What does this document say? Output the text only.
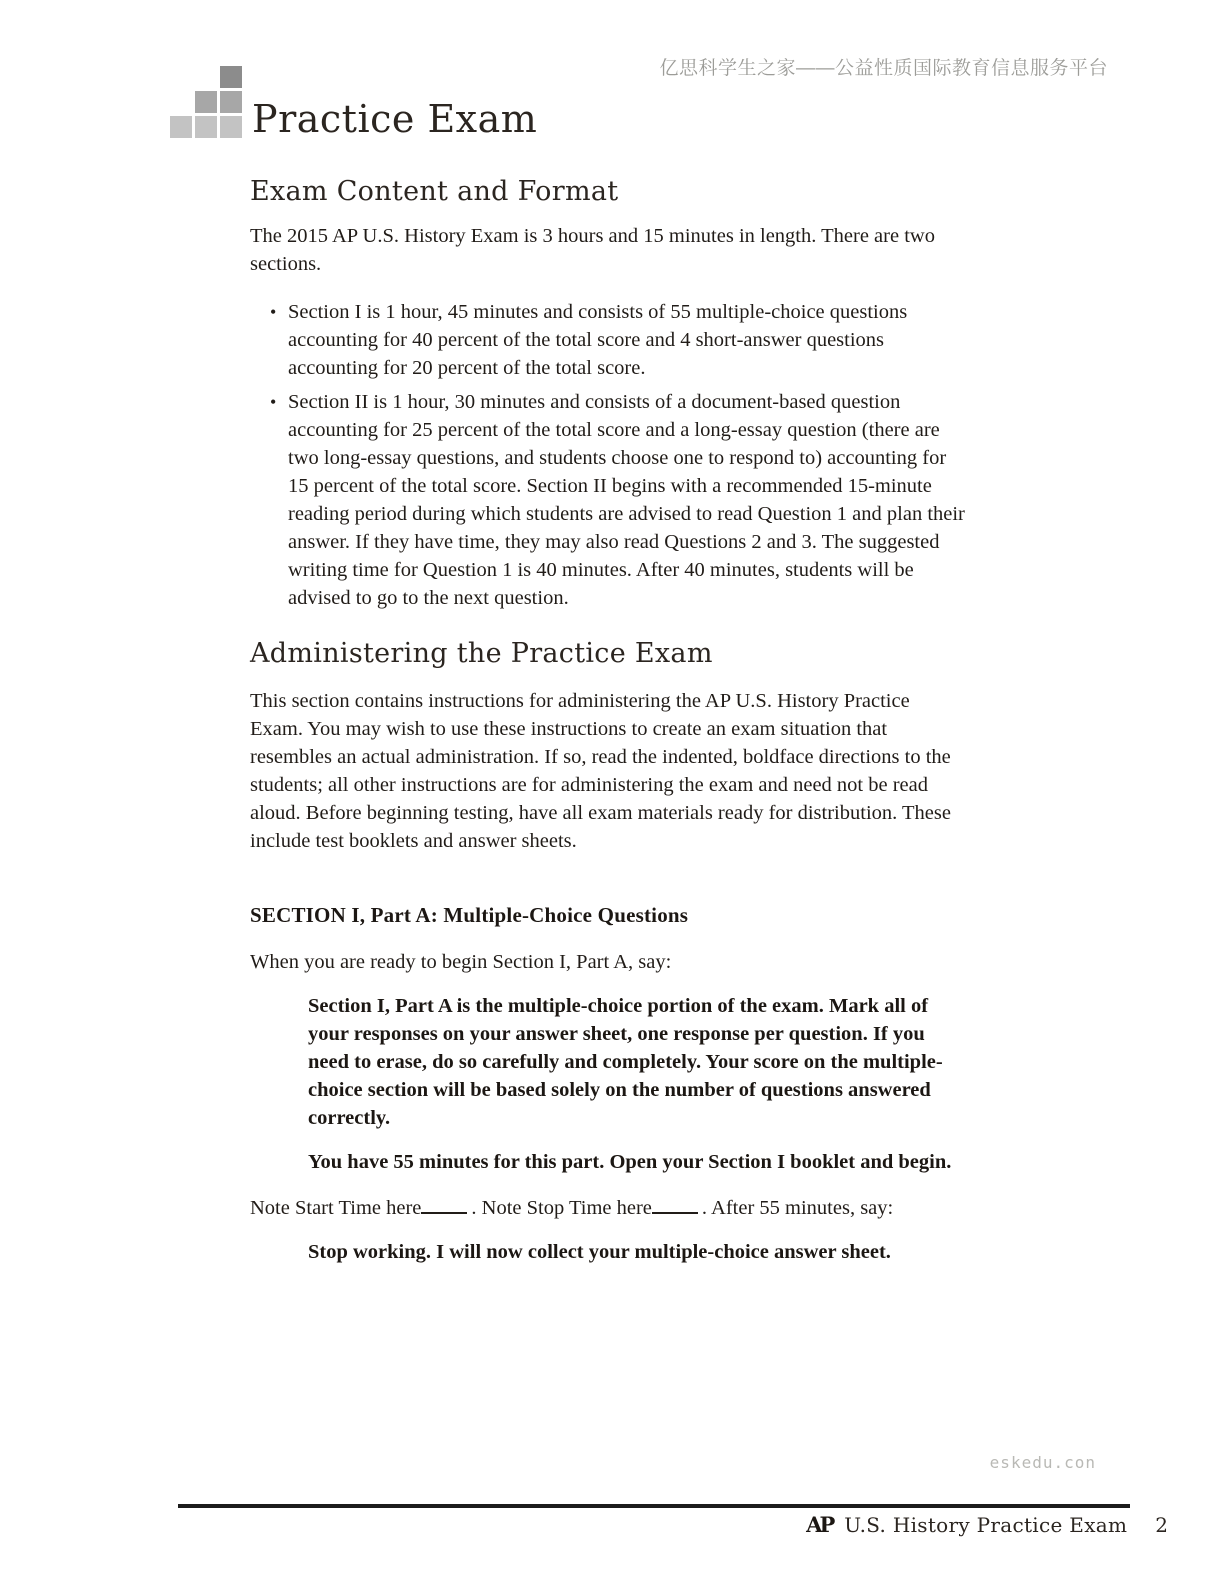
亿思科学生之家——公益性质国际教育信息服务平台
Practice Exam
Exam Content and Format

The 2015 AP U.S. History Exam is 3 hours and 15 minutes in length. There are two sections.

• Section I is 1 hour, 45 minutes and consists of 55 multiple-choice questions accounting for 40 percent of the total score and 4 short-answer questions accounting for 20 percent of the total score.
• Section II is 1 hour, 30 minutes and consists of a document-based question accounting for 25 percent of the total score and a long-essay question (there are two long-essay questions, and students choose one to respond to) accounting for 15 percent of the total score. Section II begins with a recommended 15-minute reading period during which students are advised to read Question 1 and plan their answer. If they have time, they may also read Questions 2 and 3. The suggested writing time for Question 1 is 40 minutes. After 40 minutes, students will be advised to go to the next question.
Administering the Practice Exam

This section contains instructions for administering the AP U.S. History Practice Exam. You may wish to use these instructions to create an exam situation that resembles an actual administration. If so, read the indented, boldface directions to the students; all other instructions are for administering the exam and need not be read aloud. Before beginning testing, have all exam materials ready for distribution. These include test booklets and answer sheets.

SECTION I, Part A: Multiple-Choice Questions

When you are ready to begin Section I, Part A, say:

Section I, Part A is the multiple-choice portion of the exam. Mark all of your responses on your answer sheet, one response per question. If you need to erase, do so carefully and completely. Your score on the multiple-choice section will be based solely on the number of questions answered correctly.

You have 55 minutes for this part. Open your Section I booklet and begin.

Note Start Time here . Note Stop Time here . After 55 minutes, say:

Stop working. I will now collect your multiple-choice answer sheet.

eskedu.con
AP U.S. History Practice Exam 2
